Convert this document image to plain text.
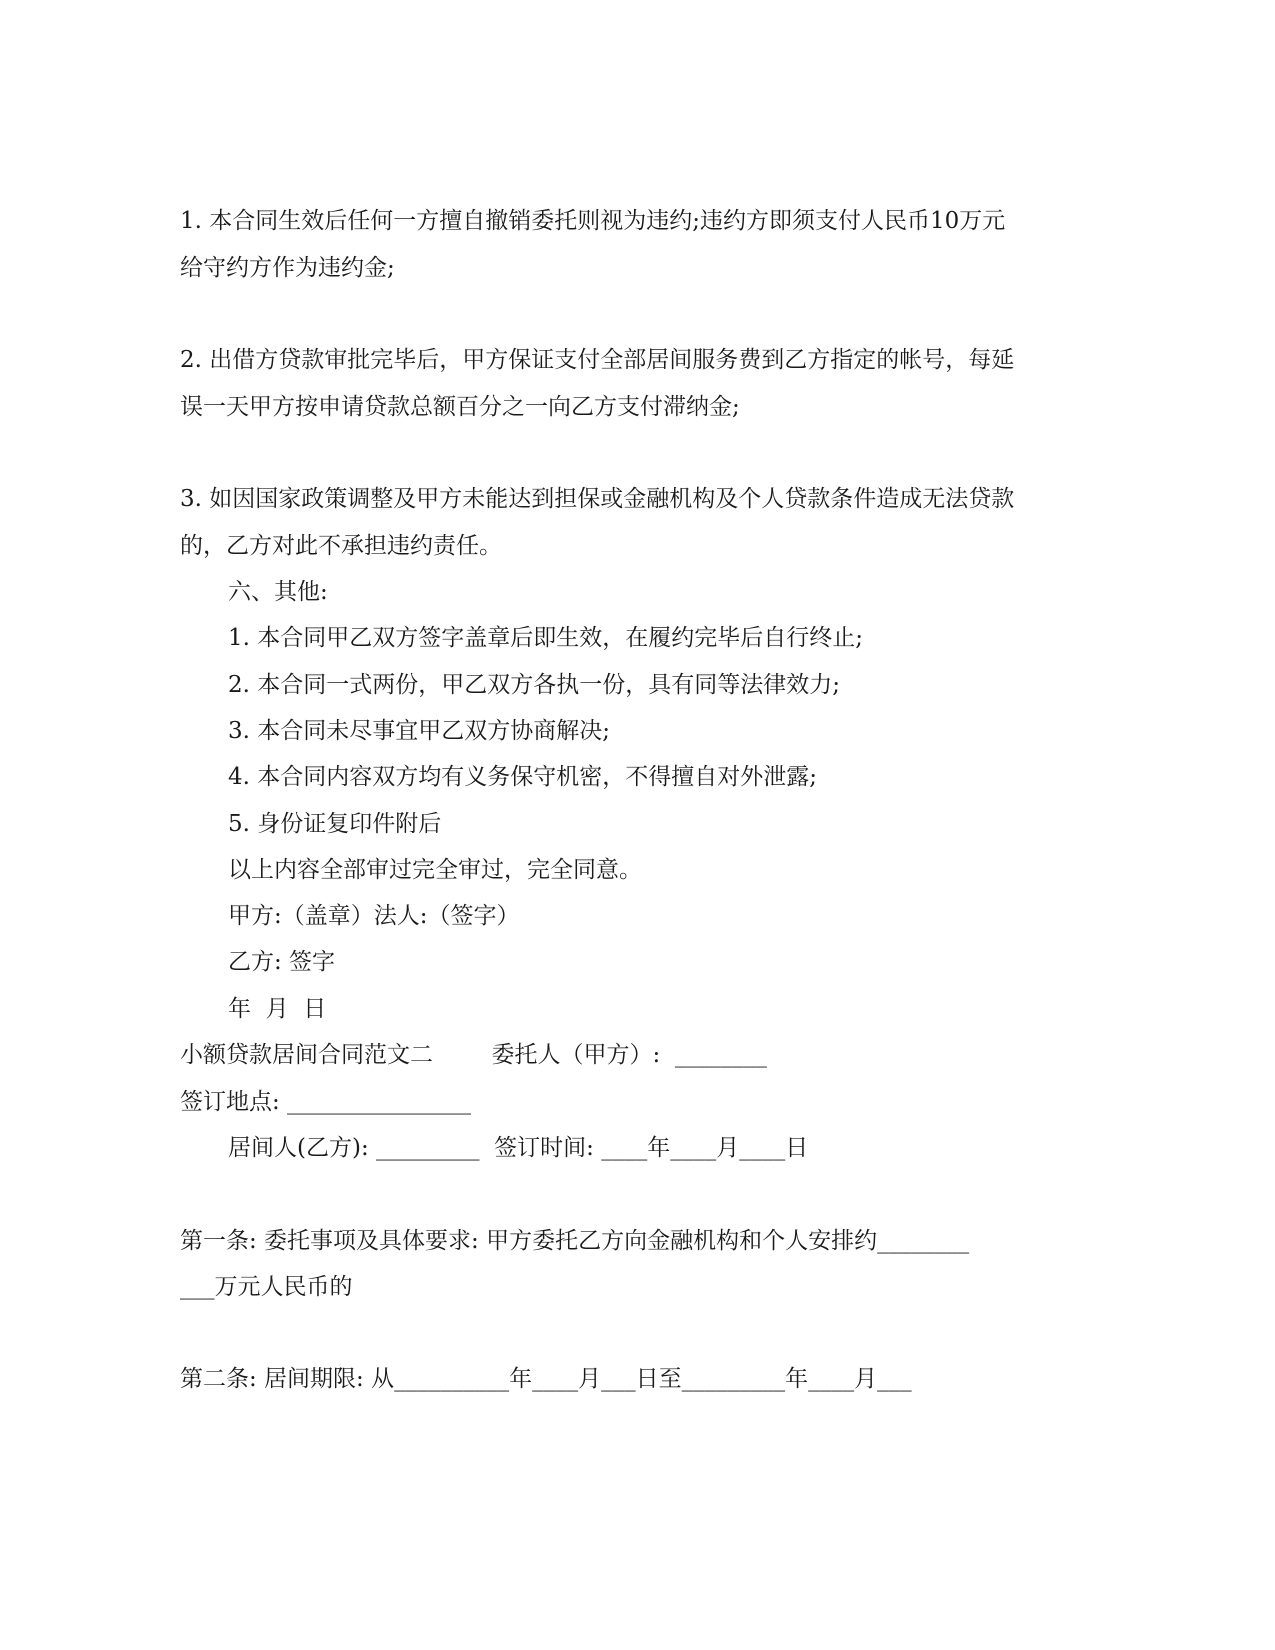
1. 本合同生效后任何一方擅自撤销委托则视为违约;违约方即须支付人民币10万元

给守约方作为违约金;

2. 出借方贷款审批完毕后，甲方保证支付全部居间服务费到乙方指定的帐号，每延

误一天甲方按申请贷款总额百分之一向乙方支付滞纳金;

3. 如因国家政策调整及甲方未能达到担保或金融机构及个人贷款条件造成无法贷款

的，乙方对此不承担违约责任。

六、其他:

1. 本合同甲乙双方签字盖章后即生效，在履约完毕后自行终止;

2. 本合同一式两份，甲乙双方各执一份，具有同等法律效力;

3. 本合同未尽事宜甲乙双方协商解决;

4. 本合同内容双方均有义务保守机密，不得擅自对外泄露;

5. 身份证复印件附后

以上内容全部审过完全审过，完全同意。

甲方:（盖章）法人:（签字）

乙方: 签字

年  月  日

小额贷款居间合同范文二        委托人（甲方）:  ________

签订地点: ________________

居间人(乙方): _________  签订时间: ____年____月____日

第一条: 委托事项及具体要求: 甲方委托乙方向金融机构和个人安排约________

___万元人民币的

第二条: 居间期限: 从__________年____月___日至_________年____月___
